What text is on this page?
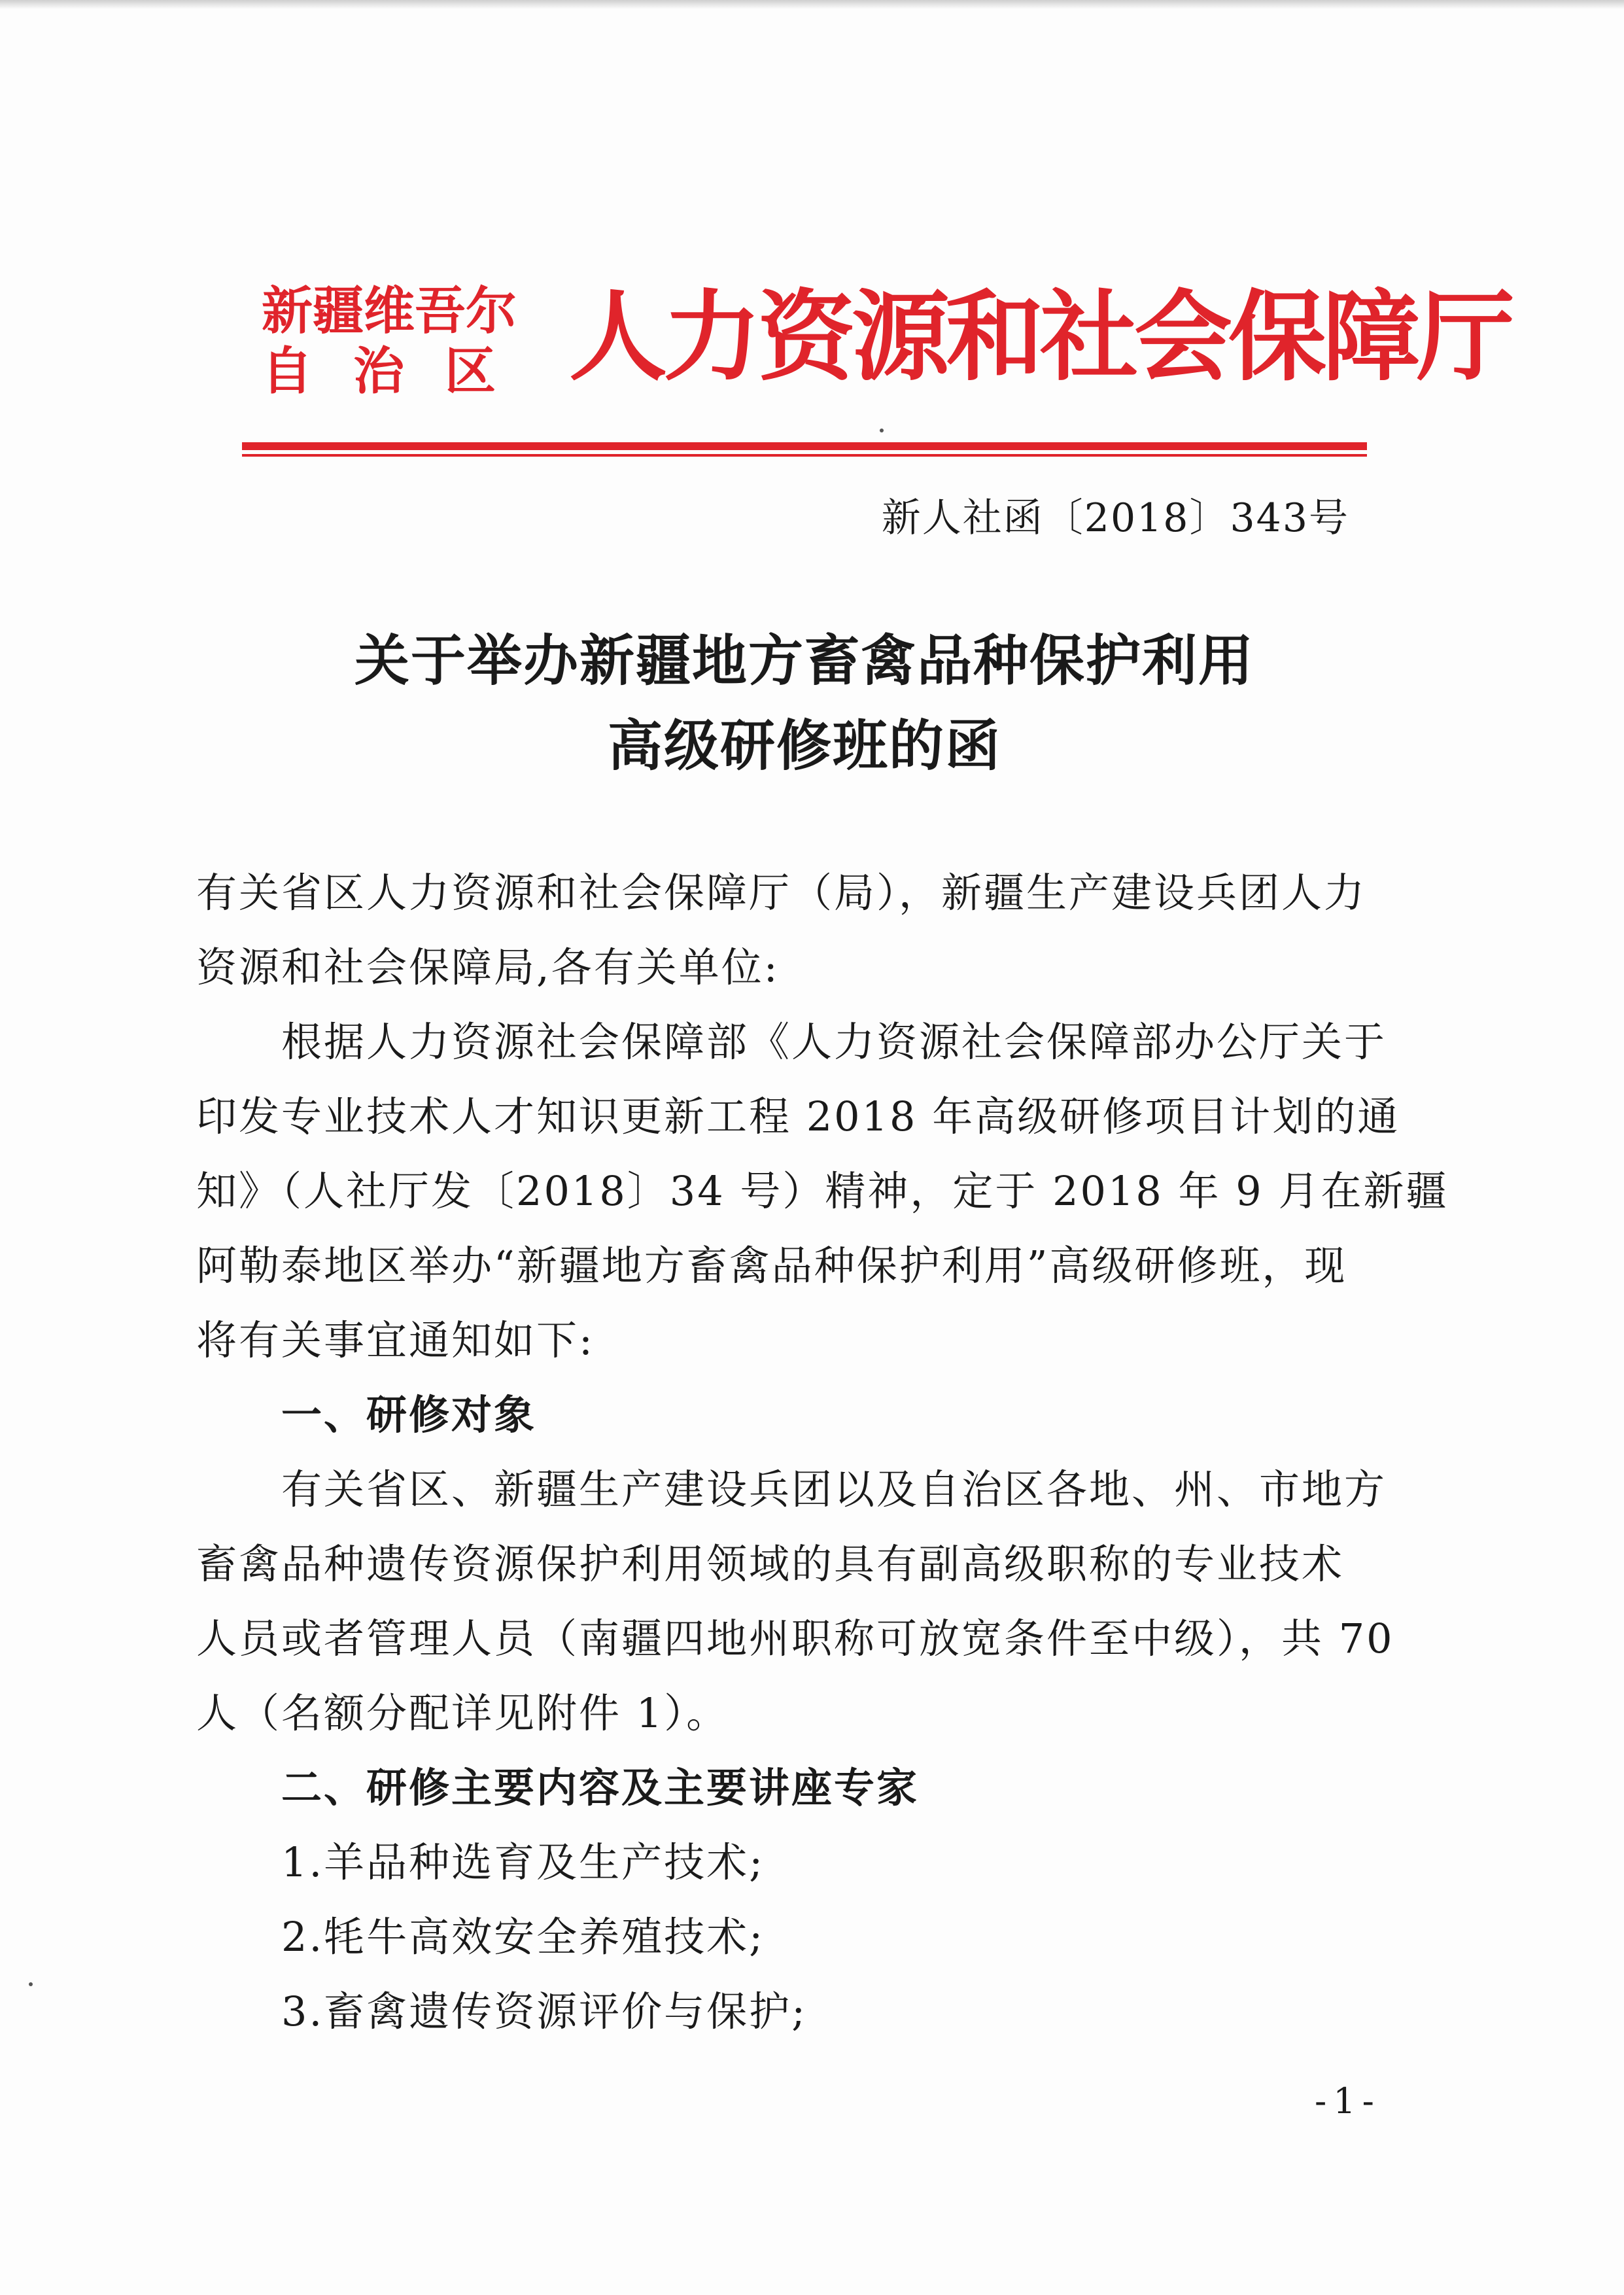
新疆维吾尔
自治区 人力资源和社会保障厅
新人社函〔2018〕343号
关于举办新疆地方畜禽品种保护利用
高级研修班的函
有关省区人力资源和社会保障厅（局），新疆生产建设兵团人力
资源和社会保障局,各有关单位:
根据人力资源社会保障部《人力资源社会保障部办公厅关于
印发专业技术人才知识更新工程 2018 年高级研修项目计划的通
知》（人社厅发〔2018〕34 号）精神，定于 2018 年 9 月在新疆
阿勒泰地区举办“新疆地方畜禽品种保护利用”高级研修班，现
将有关事宜通知如下:
一、研修对象
有关省区、新疆生产建设兵团以及自治区各地、州、市地方
畜禽品种遗传资源保护利用领域的具有副高级职称的专业技术
人员或者管理人员（南疆四地州职称可放宽条件至中级），共 70
人（名额分配详见附件 1）。
二、研修主要内容及主要讲座专家
1.羊品种选育及生产技术;
2.牦牛高效安全养殖技术;
3.畜禽遗传资源评价与保护;
-1-
